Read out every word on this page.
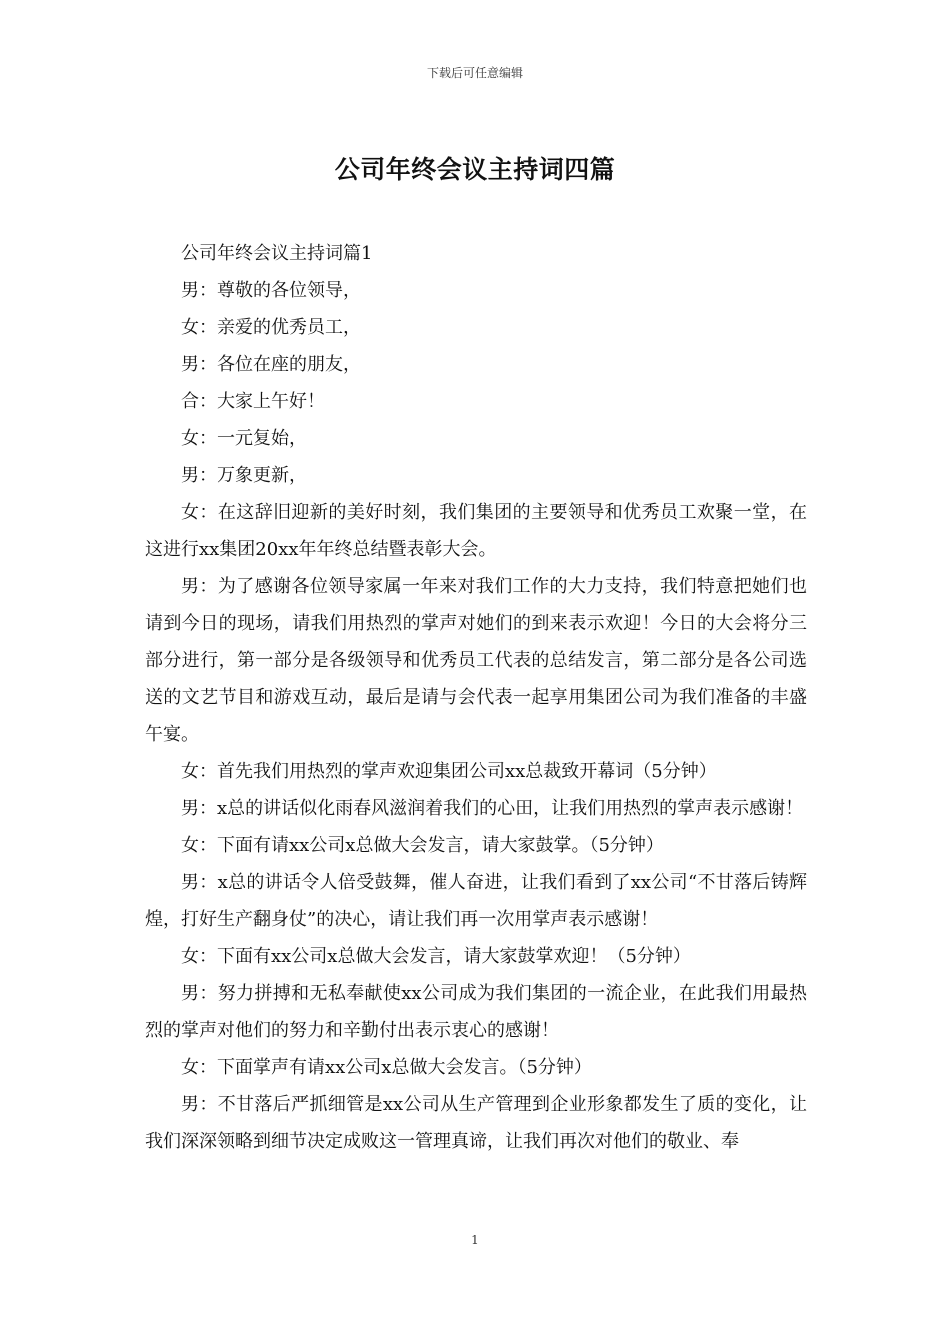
下载后可任意编辑
公司年终会议主持词四篇

公司年终会议主持词篇1

男：尊敬的各位领导，

女：亲爱的优秀员工，

男：各位在座的朋友，

合：大家上午好！

女：一元复始，

男：万象更新，

女：在这辞旧迎新的美好时刻，我们集团的主要领导和优秀员工欢聚一堂，在这进行xx集团20xx年年终总结暨表彰大会。

男：为了感谢各位领导家属一年来对我们工作的大力支持，我们特意把她们也请到今日的现场，请我们用热烈的掌声对她们的到来表示欢迎！今日的大会将分三部分进行，第一部分是各级领导和优秀员工代表的总结发言，第二部分是各公司选送的文艺节目和游戏互动，最后是请与会代表一起享用集团公司为我们准备的丰盛午宴。

女：首先我们用热烈的掌声欢迎集团公司xx总裁致开幕词（5分钟）

男：x总的讲话似化雨春风滋润着我们的心田，让我们用热烈的掌声表示感谢！

女：下面有请xx公司x总做大会发言，请大家鼓掌。（5分钟）

男：x总的讲话令人倍受鼓舞，催人奋进，让我们看到了xx公司“不甘落后铸辉煌，打好生产翻身仗”的决心，请让我们再一次用掌声表示感谢！

女：下面有xx公司x总做大会发言，请大家鼓掌欢迎！（5分钟）

男：努力拼搏和无私奉献使xx公司成为我们集团的一流企业，在此我们用最热烈的掌声对他们的努力和辛勤付出表示衷心的感谢！

女：下面掌声有请xx公司x总做大会发言。（5分钟）

男：不甘落后严抓细管是xx公司从生产管理到企业形象都发生了质的变化，让我们深深领略到细节决定成败这一管理真谛，让我们再次对他们的敬业、奉

1
